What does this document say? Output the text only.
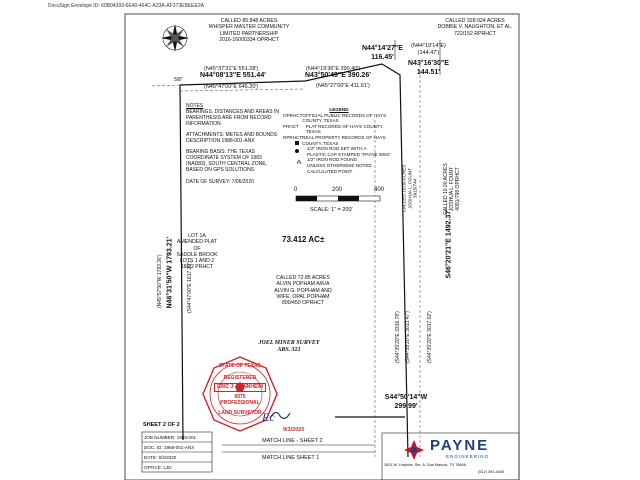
DocuSign Envelope ID: 60B04393-6E40-464C-A23A-AF373EBEEE2A
CALLED 85.848 ACRES
WHISPER MASTER COMMUNITY
LIMITED PARTNERSHIP
2016-16000334 OPRHCT
CALLED 328.924 ACRES
DOBBIE V. NAUGHTON, ET AL.
722/152 RPRHCT
(N45°37'31"E 551.28')
N44°08'13"E 551.44'
(N44°19'36"E 390.40')
N43°50'49"E 390.26'
(N45°47'00"E 646.20')	(N45°27'00"E 411.61')
5/8"
N44°14'27"E
116.45'
(N44°19'14"E)
(144.47')
N43°16'30"E
144.51'
NOTES
BEARINGS, DISTANCES AND AREAS IN
PARENTHESIS ARE FROM RECORD
INFORMATION.
ATTACHMENTS: METES AND BOUNDS
DESCRIPTION 1988-001-ANX
BEARING BASIS: THE TEXAS
COORDINATE SYSTEM OF 1983
(NAD83), SOUTH CENTRAL ZONE,
BASED ON GPS SOLUTIONS
DATE OF SURVEY: 7/06/2020
LEGEND
OPRHCT OFFICIAL PUBLIC RECORDS OF HAYS COUNTY, TEXAS
PRHCT	PLAT RECORDS OF HAYS COUNTY, TEXAS
RPRHCT REAL PROPERTY RECORDS OF HAYS COUNTY, TEXAS
1/2" IRON ROD SET WITH A
PLASTIC CAP STAMPED "PAYNE 6084"
1/2" IRON ROD FOUND
UNLESS OTHERWISE NOTED
CALCULATED POINT
0	200	400
SCALE: 1" = 200'
73.412 AC±
CALLED 72.85 ACRES
ALVIN POPHAM A/K/A
ALVIN G. POPHAM AND
WIFE, OPAL POPHAM
890/450 OPRHCT
LOT 1A
AMENDED PLAT OF
SADDLE BROOK
LOTS 1 AND 2
18/22 PRHCT
JOEL MINER SURVEY
ABS. 321
N46°31'50"W 1793.21'
(N45°57'50"W 1793.36')	(S44°47'00"E 1617.20')
S46°20'21"E 1492.37'
(S44°35'20"E 3316.78') (S44°35'20"E 3013.47')	(S44°35'20"E 3017.02')
CALLED 10.00 ACRES JOSHUA L. FOUNT 4091/798 OPRHCT
CALLED 10.00 ACRES JOSHUA L. FOUNT 3915/744
S44°50'14"W
299.99'
STATE OF TEXAS
REGISTERED
ERIC J. DANNHEIM
6075
PROFESSIONAL
LAND SURVEYOR Ec
9/3/2020
SHEET 2 OF 2
JOB NUMBER: 1988-001
DOC. ID: 1988-001-ANX
DATE: 9/3/2020
OFFICE: LJD
MATCH LINE - SHEET 2
MATCH LINE SHEET 1
PAYNE
ENGINEERING
3501 W. Hopkins, Ste. A, San Marcos, TX 78666
(512) 392-4406
